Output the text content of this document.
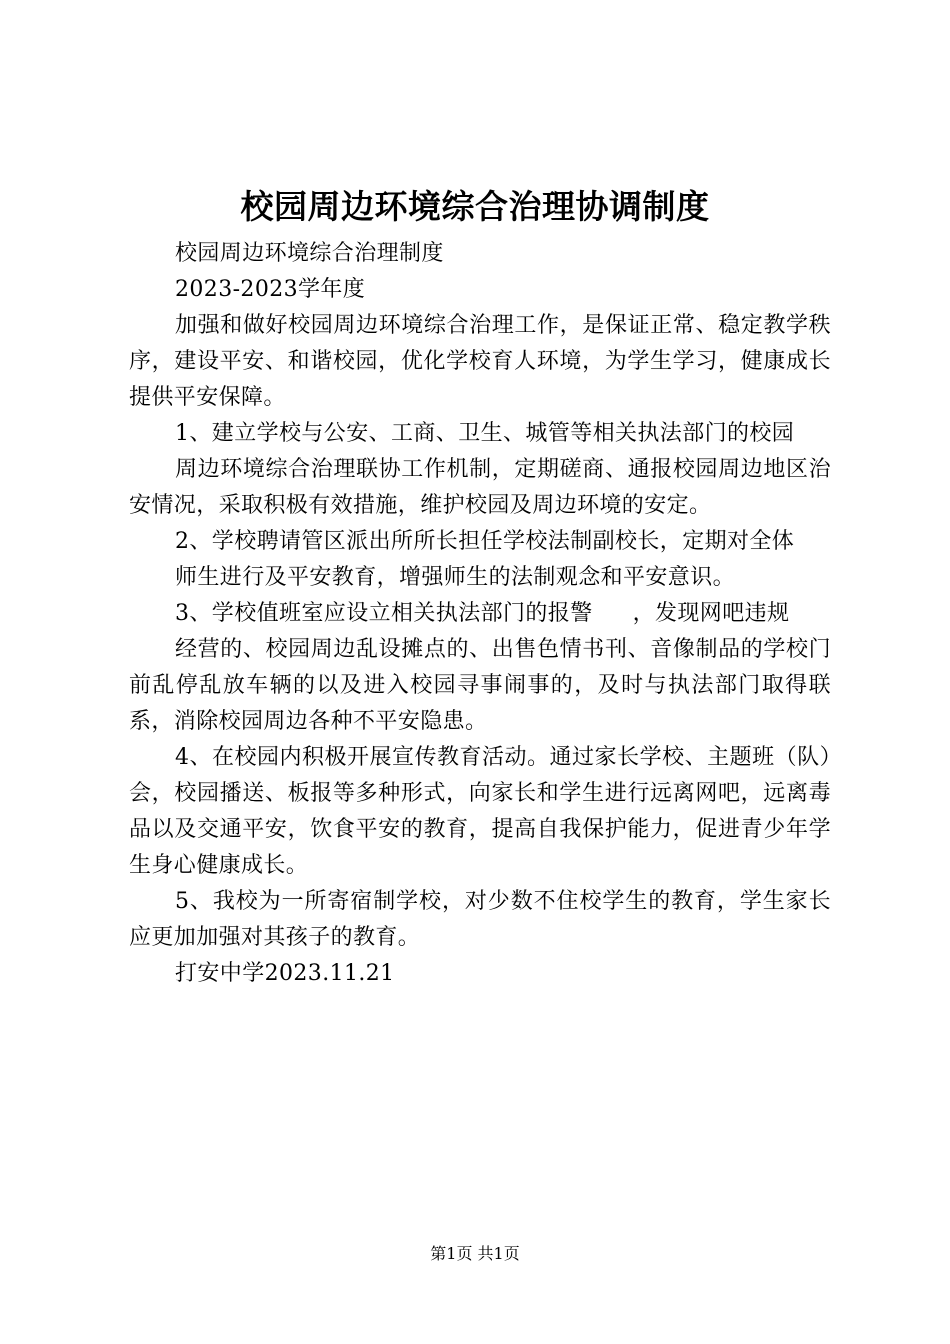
校园周边环境综合治理协调制度

校园周边环境综合治理制度

2023-2023学年度

加强和做好校园周边环境综合治理工作，是保证正常、稳定教学秩序，建设平安、和谐校园，优化学校育人环境，为学生学习，健康成长提供平安保障。

1、建立学校与公安、工商、卫生、城管等相关执法部门的校园

周边环境综合治理联协工作机制，定期磋商、通报校园周边地区治安情况，采取积极有效措施，维护校园及周边环境的安定。

2、学校聘请管区派出所所长担任学校法制副校长，定期对全体

师生进行及平安教育，增强师生的法制观念和平安意识。

3、学校值班室应设立相关执法部门的报警 ，发现网吧违规

经营的、校园周边乱设摊点的、出售色情书刊、音像制品的学校门前乱停乱放车辆的以及进入校园寻事闹事的，及时与执法部门取得联系，消除校园周边各种不平安隐患。

4、在校园内积极开展宣传教育活动。通过家长学校、主题班（队）会，校园播送、板报等多种形式，向家长和学生进行远离网吧，远离毒品以及交通平安，饮食平安的教育，提高自我保护能力，促进青少年学生身心健康成长。

5、我校为一所寄宿制学校，对少数不住校学生的教育，学生家长应更加加强对其孩子的教育。

打安中学2023.11.21

第1页 共1页
